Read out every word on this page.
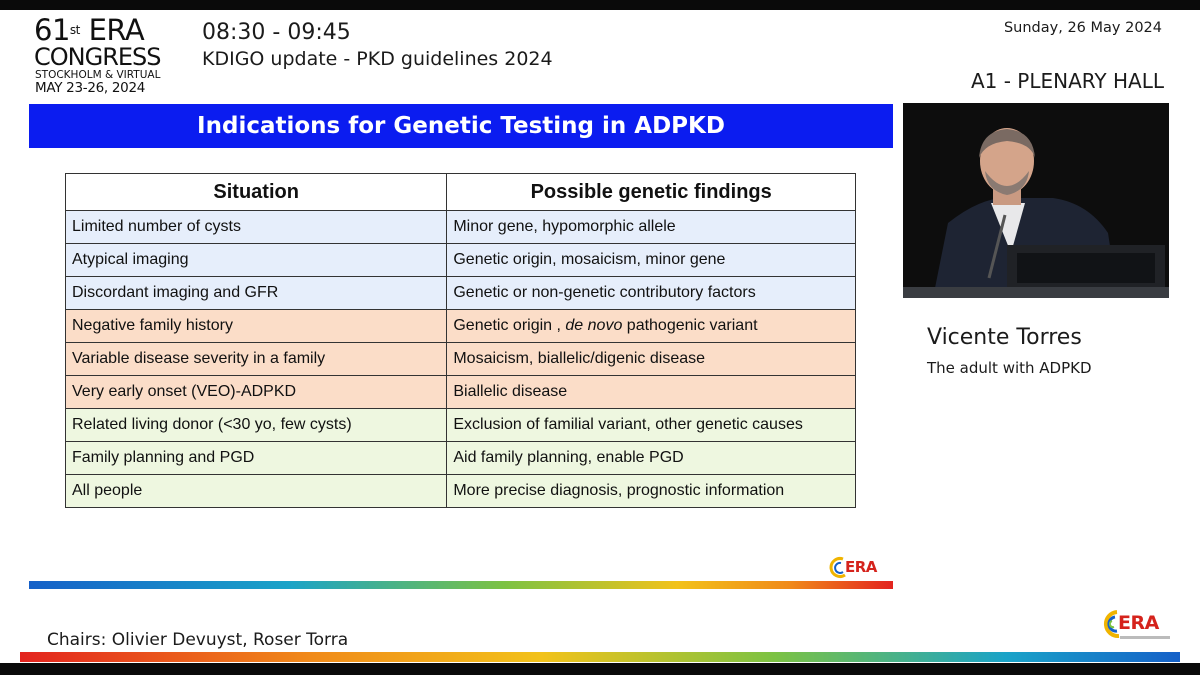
61st ERA
CONGRESS
STOCKHOLM & VIRTUAL
MAY 23-26, 2024
08:30 - 09:45
KDIGO update - PKD guidelines 2024
Sunday, 26 May 2024
A1 - PLENARY HALL
Indications for Genetic Testing in ADPKD
Situation	Possible genetic findings
Limited number of cysts	Minor gene, hypomorphic allele
Atypical imaging	Genetic origin, mosaicism, minor gene
Discordant imaging and GFR	Genetic or non-genetic contributory factors
Negative family history	Genetic origin , de novo pathogenic variant
Variable disease severity in a family	Mosaicism, biallelic/digenic disease
Very early onset (VEO)-ADPKD	Biallelic disease
Related living donor (<30 yo, few cysts)	Exclusion of familial variant, other genetic causes
Family planning and PGD	Aid family planning, enable PGD
All people	More precise diagnosis, prognostic information
ERA
Vicente Torres
The adult with ADPKD
ERA
Chairs: Olivier Devuyst, Roser Torra
